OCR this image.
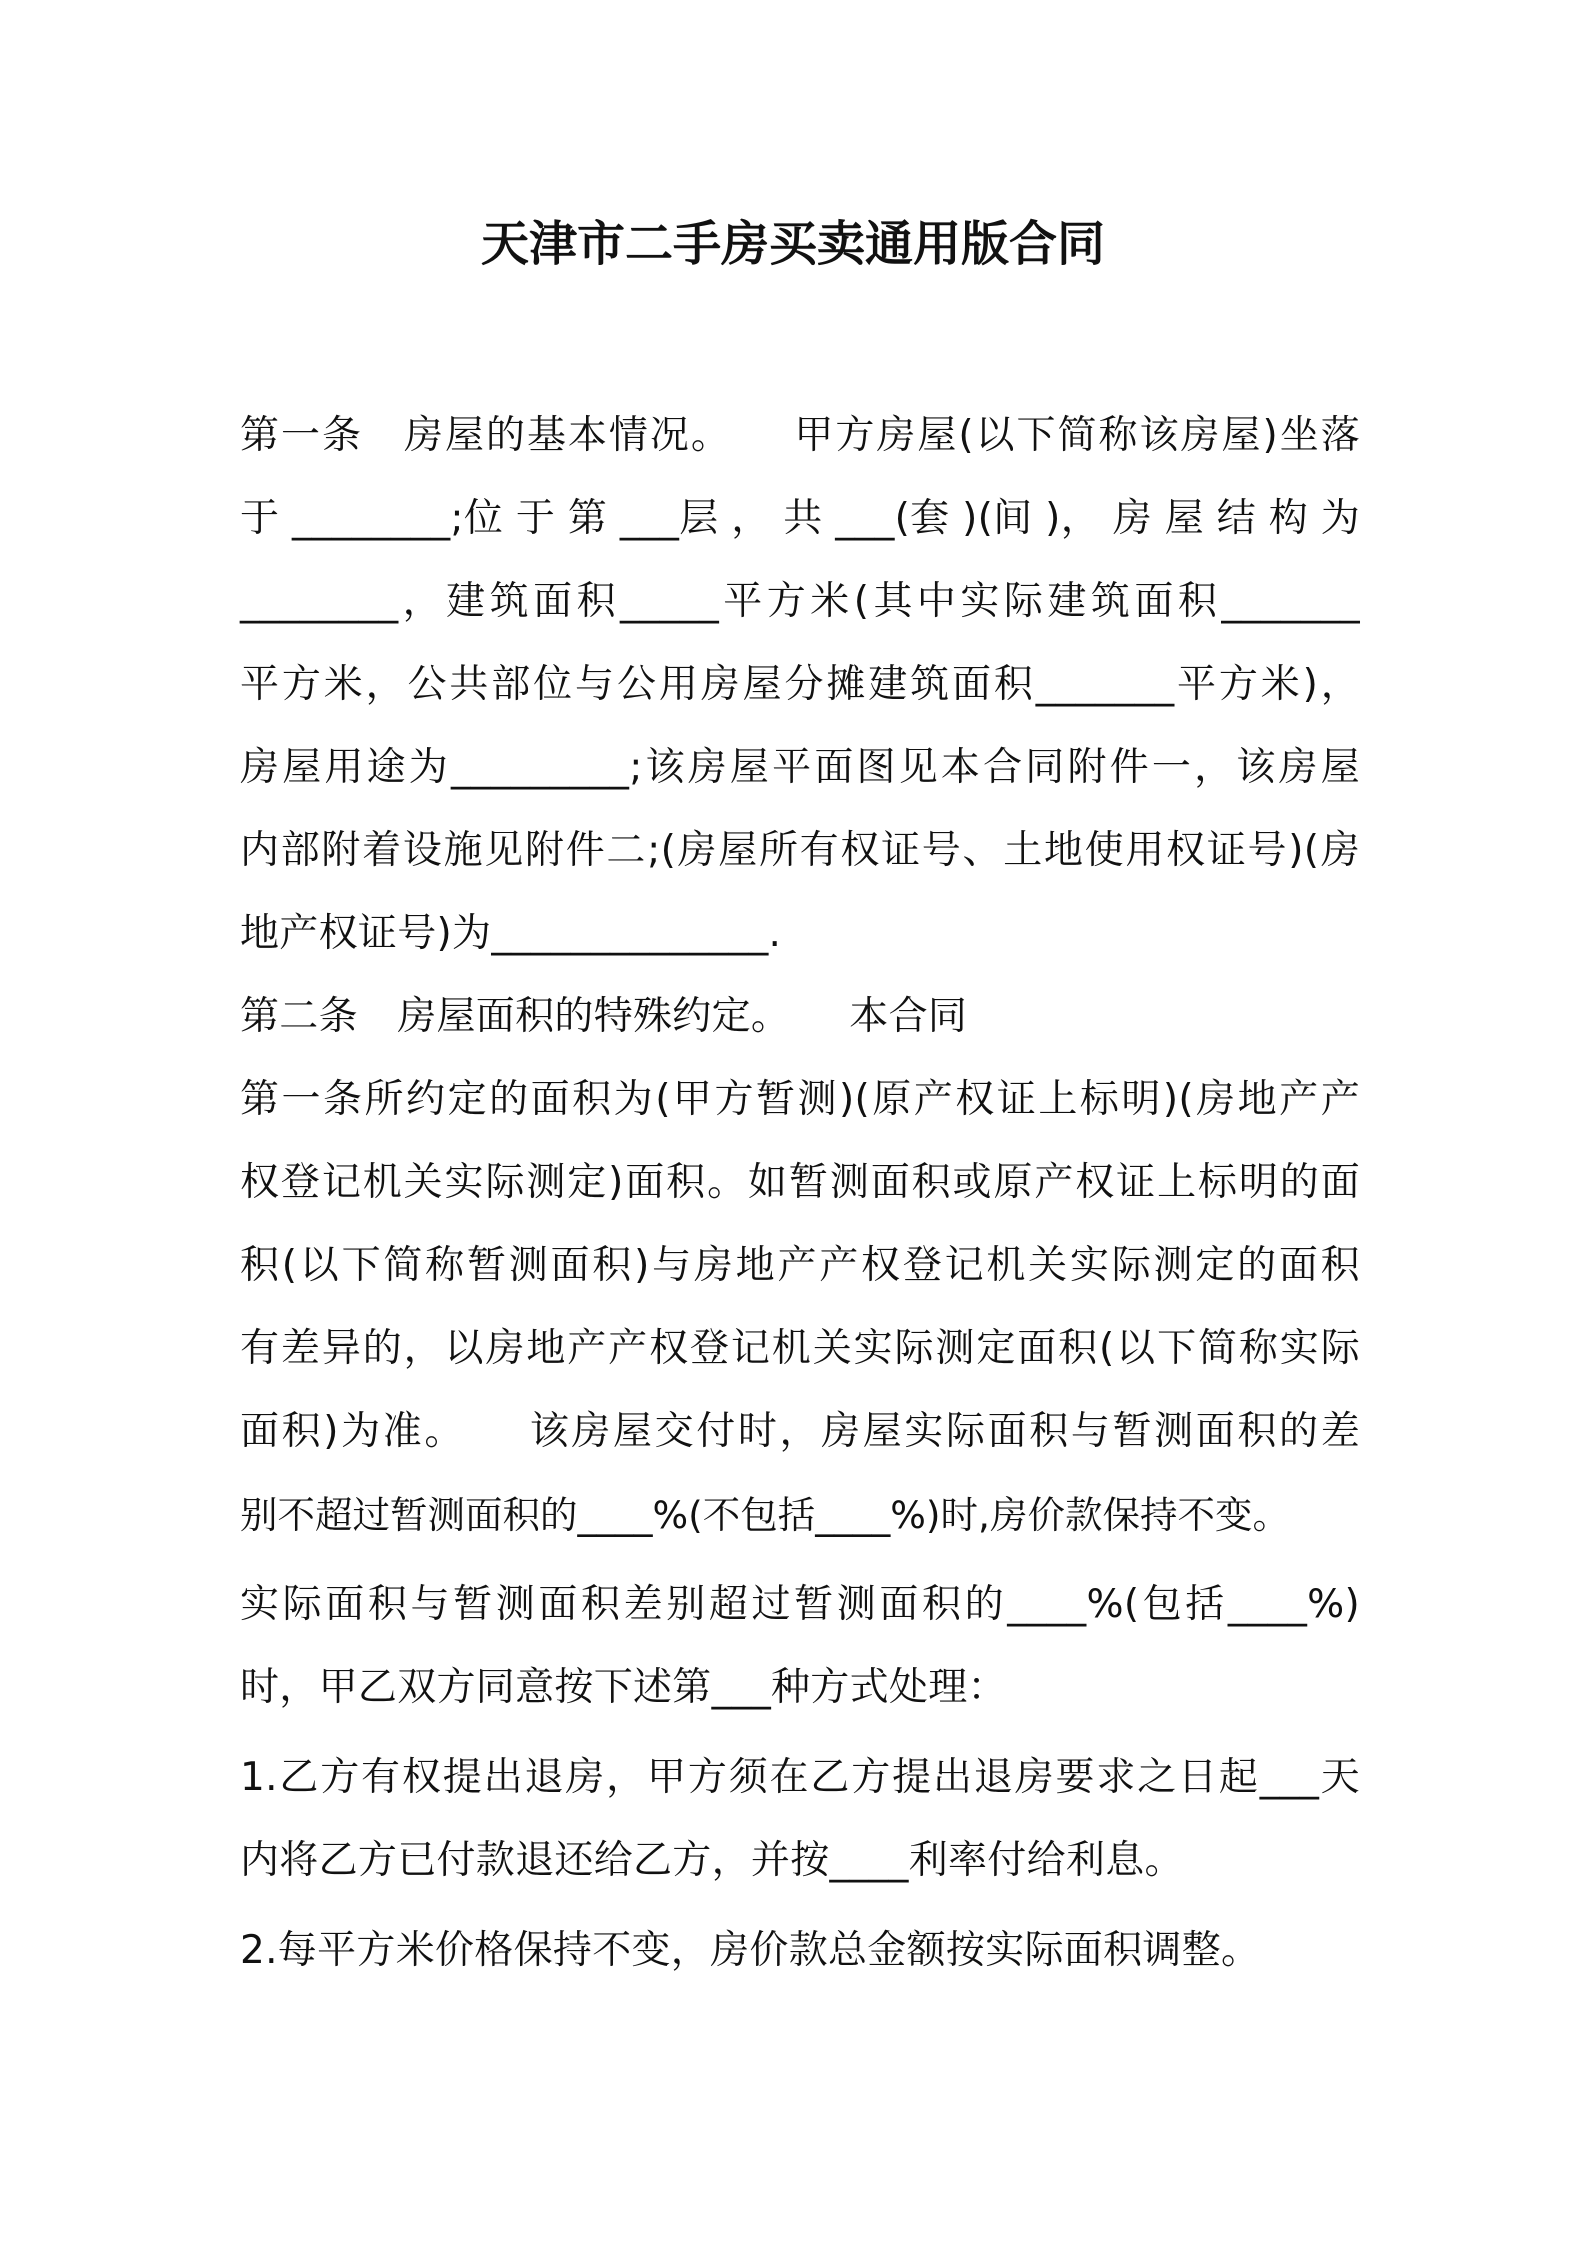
天津市二手房买卖通用版合同
第一条　房屋的基本情况。　　甲方房屋(以下简称该房屋)坐落
于 ________;位 于 第 ___层 ， 共 ___(套 )(间 )， 房 屋 结 构 为
________，建筑面积_____平方米(其中实际建筑面积_______
平方米，公共部位与公用房屋分摊建筑面积_______平方米)，
房屋用途为_________;该房屋平面图见本合同附件一，该房屋
内部附着设施见附件二;(房屋所有权证号、土地使用权证号)(房
地产权证号)为______________.
第二条　房屋面积的特殊约定。　　本合同
第一条所约定的面积为(甲方暂测)(原产权证上标明)(房地产产
权登记机关实际测定)面积。如暂测面积或原产权证上标明的面
积(以下简称暂测面积)与房地产产权登记机关实际测定的面积
有差异的，以房地产产权登记机关实际测定面积(以下简称实际
面积)为准。　　该房屋交付时，房屋实际面积与暂测面积的差
别不超过暂测面积的____%(不包括____%)时,房价款保持不变。
实际面积与暂测面积差别超过暂测面积的____%(包括____%)
时，甲乙双方同意按下述第___种方式处理：
1.乙方有权提出退房，甲方须在乙方提出退房要求之日起___天
内将乙方已付款退还给乙方，并按____利率付给利息。
2.每平方米价格保持不变，房价款总金额按实际面积调整。
